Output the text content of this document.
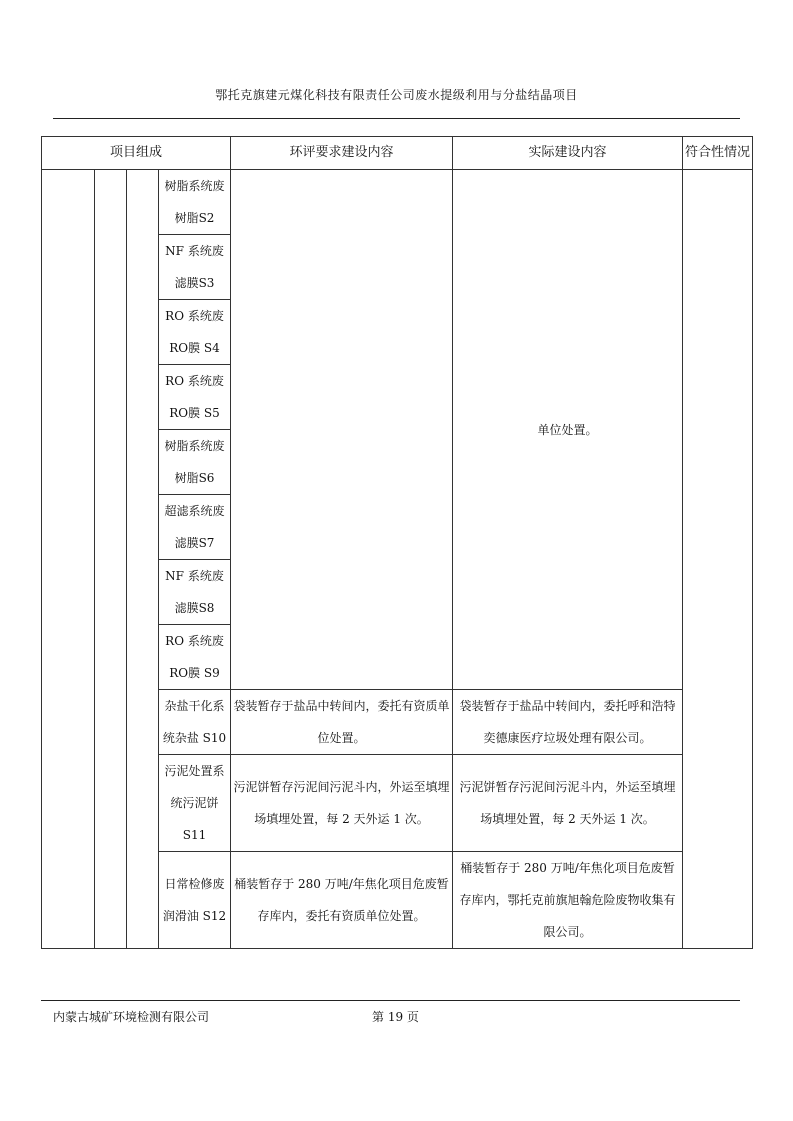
鄂托克旗建元煤化科技有限责任公司废水提级利用与分盐结晶项目
项目组成				环评要求建设内容	实际建设内容	符合性情况
			树脂系统废树脂S2		单位处置。	
			NF 系统废滤膜S3			
			RO 系统废 RO膜 S4			
			RO 系统废 RO膜 S5			
			树脂系统废树脂S6			
			超滤系统废滤膜S7			
			NF 系统废滤膜S8			
			RO 系统废 RO膜 S9			
			杂盐干化系统杂盐 S10	袋装暂存于盐品中转间内，委托有资质单位处置。	袋装暂存于盐品中转间内，委托呼和浩特奕德康医疗垃圾处理有限公司。	
			污泥处置系统污泥饼 S11	污泥饼暂存污泥间污泥斗内，外运至填埋场填埋处置，每 2 天外运 1 次。	污泥饼暂存污泥间污泥斗内，外运至填埋场填埋处置，每 2 天外运 1 次。	
			日常检修废润滑油 S12	桶装暂存于 280 万吨/年焦化项目危废暂存库内，委托有资质单位处置。	桶装暂存于 280 万吨/年焦化项目危废暂存库内，鄂托克前旗旭翰危险废物收集有限公司。	
内蒙古城矿环境检测有限公司	第 19 页
